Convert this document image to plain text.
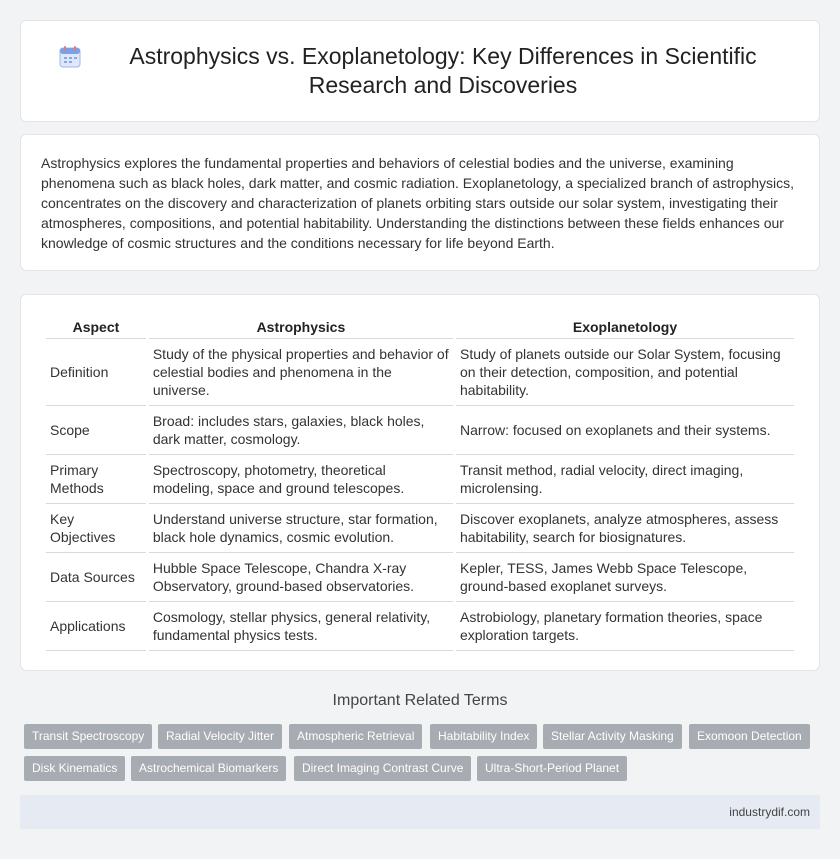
Astrophysics vs. Exoplanetology: Key Differences in Scientific Research and Discoveries

Astrophysics explores the fundamental properties and behaviors of celestial bodies and the universe, examining phenomena such as black holes, dark matter, and cosmic radiation. Exoplanetology, a specialized branch of astrophysics, concentrates on the discovery and characterization of planets orbiting stars outside our solar system, investigating their atmospheres, compositions, and potential habitability. Understanding the distinctions between these fields enhances our knowledge of cosmic structures and the conditions necessary for life beyond Earth.

Aspect	Astrophysics	Exoplanetology
Definition	Study of the physical properties and behavior of celestial bodies and phenomena in the universe.	Study of planets outside our Solar System, focusing on their detection, composition, and potential habitability.
Scope	Broad: includes stars, galaxies, black holes, dark matter, cosmology.	Narrow: focused on exoplanets and their systems.
Primary Methods	Spectroscopy, photometry, theoretical modeling, space and ground telescopes.	Transit method, radial velocity, direct imaging, microlensing.
Key Objectives	Understand universe structure, star formation, black hole dynamics, cosmic evolution.	Discover exoplanets, analyze atmospheres, assess habitability, search for biosignatures.
Data Sources	Hubble Space Telescope, Chandra X-ray Observatory, ground-based observatories.	Kepler, TESS, James Webb Space Telescope, ground-based exoplanet surveys.
Applications	Cosmology, stellar physics, general relativity, fundamental physics tests.	Astrobiology, planetary formation theories, space exploration targets.
Important Related Terms
Transit Spectroscopy	Radial Velocity Jitter	Atmospheric Retrieval	Habitability Index	Stellar Activity Masking	Exomoon Detection
Disk Kinematics	Astrochemical Biomarkers	Direct Imaging Contrast Curve	Ultra-Short-Period Planet
industrydif.com
